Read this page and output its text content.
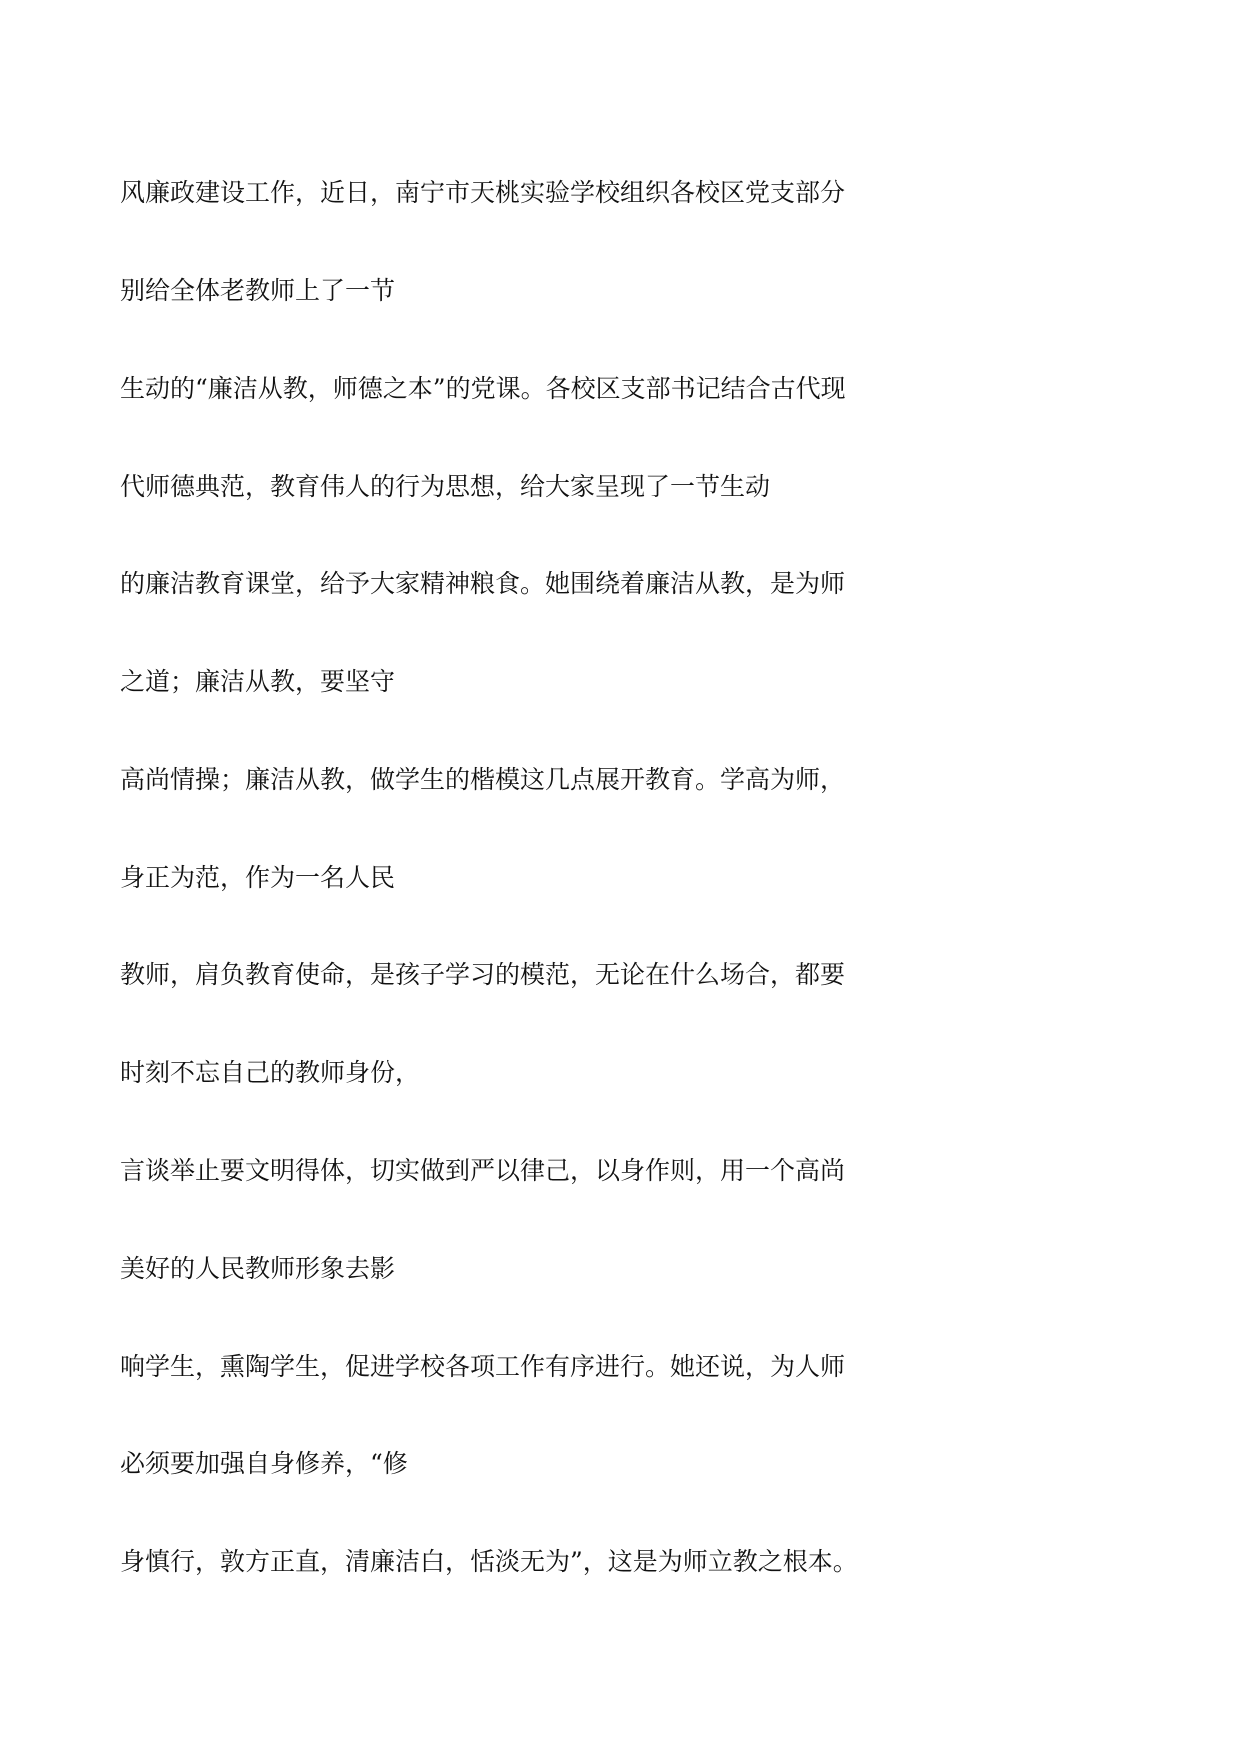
风廉政建设工作，近日，南宁市天桃实验学校组织各校区党支部分

别给全体老教师上了一节

生动的“廉洁从教，师德之本”的党课。各校区支部书记结合古代现

代师德典范，教育伟人的行为思想，给大家呈现了一节生动

的廉洁教育课堂，给予大家精神粮食。她围绕着廉洁从教，是为师

之道；廉洁从教，要坚守

高尚情操；廉洁从教，做学生的楷模这几点展开教育。学高为师，

身正为范，作为一名人民

教师，肩负教育使命，是孩子学习的模范，无论在什么场合，都要

时刻不忘自己的教师身份，

言谈举止要文明得体，切实做到严以律己，以身作则，用一个高尚

美好的人民教师形象去影

响学生，熏陶学生，促进学校各项工作有序进行。她还说，为人师

必须要加强自身修养，“修

身慎行，敦方正直，清廉洁白，恬淡无为”，这是为师立教之根本。
